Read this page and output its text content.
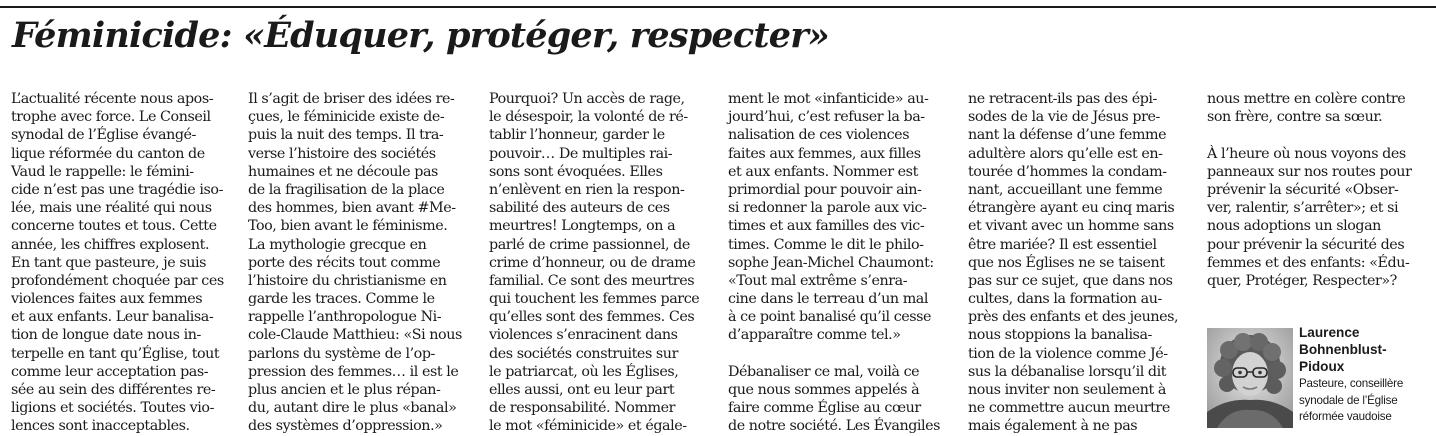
Féminicide: «Éduquer, protéger, respecter»
L’actualité récente nous apos-
trophe avec force. Le Conseil
synodal de l’Église évangé-
lique réformée du canton de
Vaud le rappelle: le fémini-
cide n’est pas une tragédie iso-
lée, mais une réalité qui nous
concerne toutes et tous. Cette
année, les chiffres explosent.
En tant que pasteure, je suis
profondément choquée par ces
violences faites aux femmes
et aux enfants. Leur banalisa-
tion de longue date nous in-
terpelle en tant qu’Église, tout
comme leur acceptation pas-
sée au sein des différentes re-
ligions et sociétés. Toutes vio-
lences sont inacceptables.
Il s’agit de briser des idées re-
çues, le féminicide existe de-
puis la nuit des temps. Il tra-
verse l’histoire des sociétés
humaines et ne découle pas
de la fragilisation de la place
des hommes, bien avant #Me-
Too, bien avant le féminisme.
La mythologie grecque en
porte des récits tout comme
l’histoire du christianisme en
garde les traces. Comme le
rappelle l’anthropologue Ni-
cole-Claude Matthieu: «Si nous
parlons du système de l’op-
pression des femmes… il est le
plus ancien et le plus répan-
du, autant dire le plus «banal»
des systèmes d’oppression.»
Pourquoi? Un accès de rage,
le désespoir, la volonté de ré-
tablir l’honneur, garder le
pouvoir… De multiples rai-
sons sont évoquées. Elles
n’enlèvent en rien la respon-
sabilité des auteurs de ces
meurtres! Longtemps, on a
parlé de crime passionnel, de
crime d’honneur, ou de drame
familial. Ce sont des meurtres
qui touchent les femmes parce
qu’elles sont des femmes. Ces
violences s’enracinent dans
des sociétés construites sur
le patriarcat, où les Églises,
elles aussi, ont eu leur part
de responsabilité. Nommer
le mot «féminicide» et égale-
ment le mot «infanticide» au-
jourd’hui, c’est refuser la ba-
nalisation de ces violences
faites aux femmes, aux filles
et aux enfants. Nommer est
primordial pour pouvoir ain-
si redonner la parole aux vic-
times et aux familles des vic-
times. Comme le dit le philo-
sophe Jean-Michel Chaumont:
«Tout mal extrême s’enra-
cine dans le terreau d’un mal
à ce point banalisé qu’il cesse
d’apparaître comme tel.»
Débanaliser ce mal, voilà ce
que nous sommes appelés à
faire comme Église au cœur
de notre société. Les Évangiles
ne retracent-ils pas des épi-
sodes de la vie de Jésus pre-
nant la défense d’une femme
adultère alors qu’elle est en-
tourée d’hommes la condam-
nant, accueillant une femme
étrangère ayant eu cinq maris
et vivant avec un homme sans
être mariée? Il est essentiel
que nos Églises ne se taisent
pas sur ce sujet, que dans nos
cultes, dans la formation au-
près des enfants et des jeunes,
nous stoppions la banalisa-
tion de la violence comme Jé-
sus la débanalise lorsqu’il dit
nous inviter non seulement à
ne commettre aucun meurtre
mais également à ne pas
nous mettre en colère contre
son frère, contre sa sœur.
À l’heure où nous voyons des
panneaux sur nos routes pour
prévenir la sécurité «Obser-
ver, ralentir, s’arrêter»; et si
nous adoptions un slogan
pour prévenir la sécurité des
femmes et des enfants: «Édu-
quer, Protéger, Respecter»?
Laurence
Bohnenblust-
Pidoux
Pasteure, conseillère
synodale de l’Église
réformée vaudoise
